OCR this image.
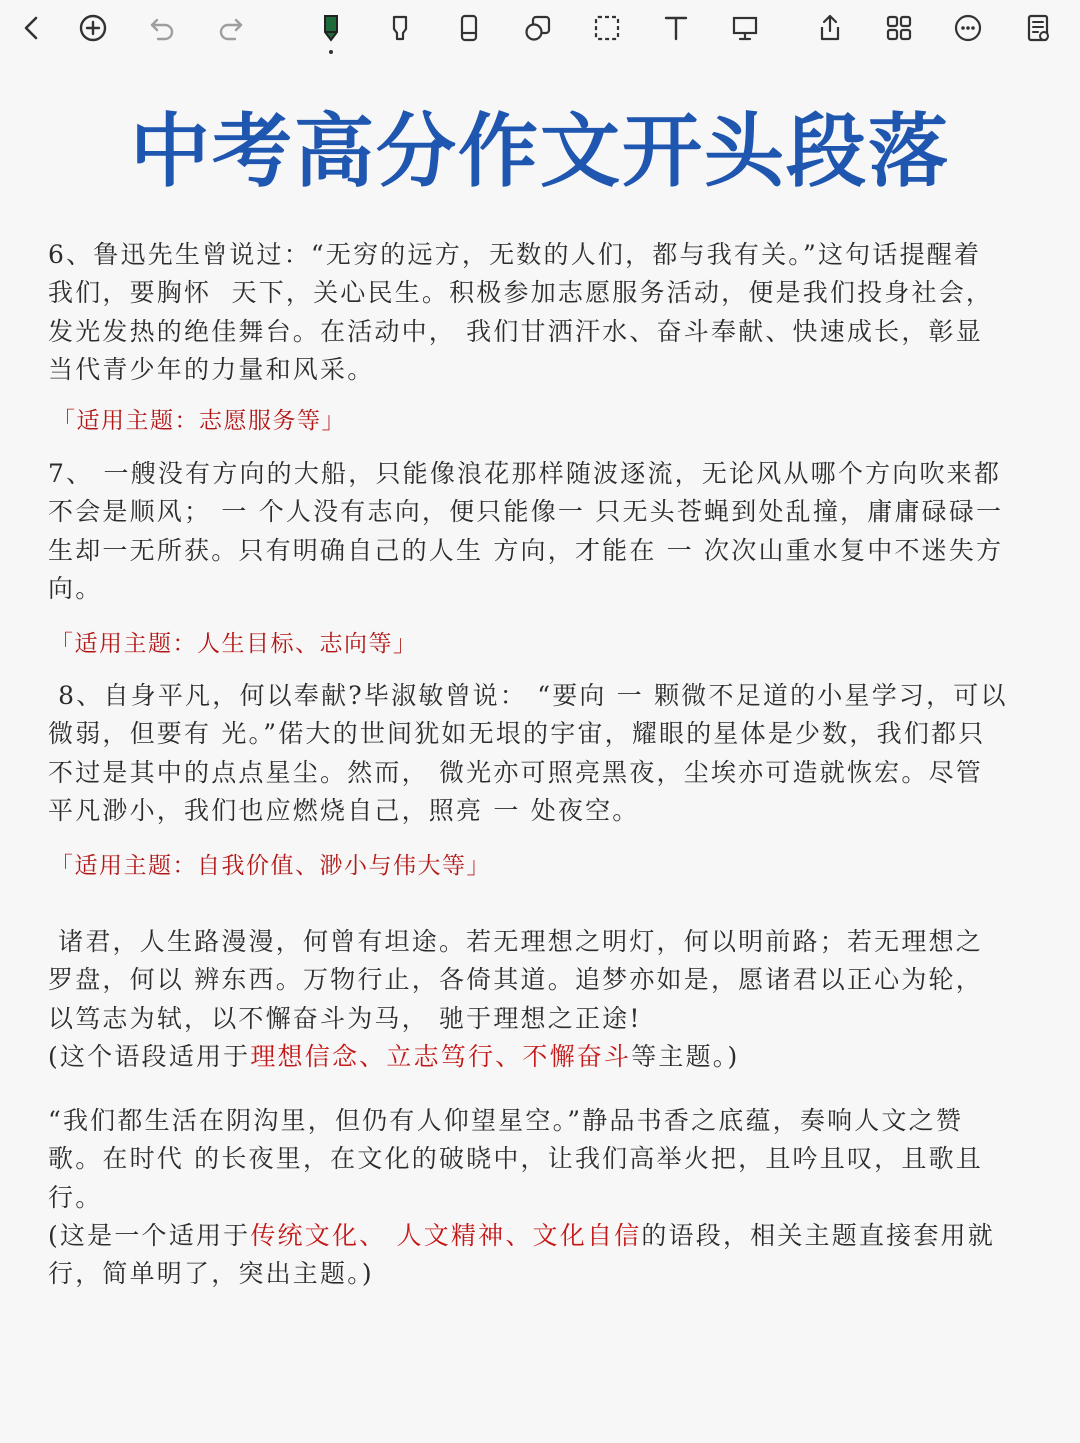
中考高分作文开头段落
6、鲁迅先生曾说过：“无穷的远方，无数的人们，都与我有关。”这句话提醒着我们，要胸怀  天下，关心民生。积极参加志愿服务活动，便是我们投身社会，发光发热的绝佳舞台。在活动中， 我们甘洒汗水、奋斗奉献、快速成长，彰显当代青少年的力量和风采。
「适用主题：志愿服务等」
7、 一艘没有方向的大船，只能像浪花那样随波逐流，无论风从哪个方向吹来都不会是顺风； 一 个人没有志向，便只能像一 只无头苍蝇到处乱撞，庸庸碌碌一生却一无所获。只有明确自己的人生 方向，才能在 一 次次山重水复中不迷失方向。
「适用主题：人生目标、志向等」
8、自身平凡，何以奉献?毕淑敏曾说： “要向 一 颗微不足道的小星学习，可以微弱，但要有 光。”偌大的世间犹如无垠的宇宙，耀眼的星体是少数，我们都只不过是其中的点点星尘。然而， 微光亦可照亮黑夜，尘埃亦可造就恢宏。尽管平凡渺小，我们也应燃烧自己，照亮 一 处夜空。
「适用主题：自我价值、渺小与伟大等」
诸君，人生路漫漫，何曾有坦途。若无理想之明灯，何以明前路；若无理想之罗盘，何以 辨东西。万物行止，各倚其道。追梦亦如是，愿诸君以正心为轮，以笃志为轼，以不懈奋斗为马， 驰于理想之正途!
(这个语段适用于理想信念、立志笃行、不懈奋斗等主题。)
“我们都生活在阴沟里，但仍有人仰望星空。”静品书香之底蕴，奏响人文之赞歌。在时代 的长夜里，在文化的破晓中，让我们高举火把，且吟且叹，且歌且行。
(这是一个适用于传统文化、 人文精神、文化自信的语段，相关主题直接套用就行，简单明了，突出主题。)
